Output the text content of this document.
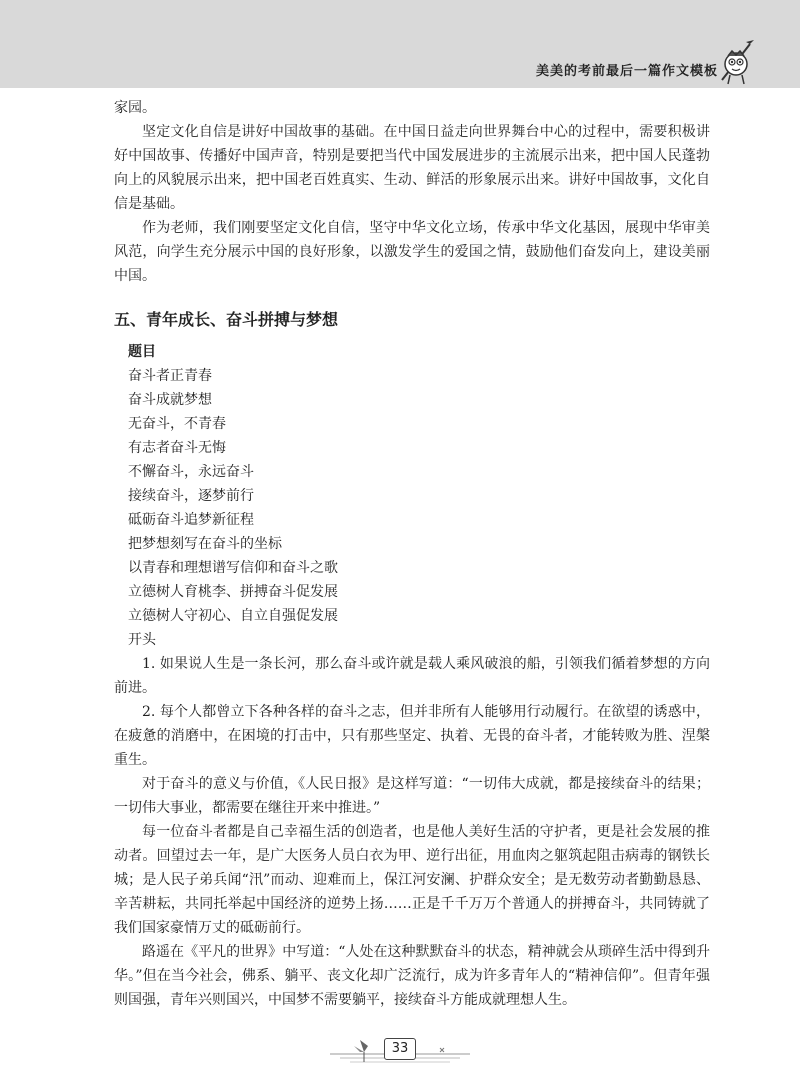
美美的考前最后一篇作文模板

家园。

坚定文化自信是讲好中国故事的基础。在中国日益走向世界舞台中心的过程中，需要积极讲好中国故事、传播好中国声音，特别是要把当代中国发展进步的主流展示出来，把中国人民蓬勃向上的风貌展示出来，把中国老百姓真实、生动、鲜活的形象展示出来。讲好中国故事，文化自信是基础。

作为老师，我们刚要坚定文化自信，坚守中华文化立场，传承中华文化基因，展现中华审美风范，向学生充分展示中国的良好形象，以激发学生的爱国之情，鼓励他们奋发向上，建设美丽中国。

五、青年成长、奋斗拼搏与梦想

题目

奋斗者正青春
奋斗成就梦想
无奋斗，不青春
有志者奋斗无悔
不懈奋斗，永远奋斗
接续奋斗，逐梦前行
砥砺奋斗追梦新征程
把梦想刻写在奋斗的坐标
以青春和理想谱写信仰和奋斗之歌
立德树人育桃李、拼搏奋斗促发展
立德树人守初心、自立自强促发展

开头

1. 如果说人生是一条长河，那么奋斗或许就是载人乘风破浪的船，引领我们循着梦想的方向前进。

2. 每个人都曾立下各种各样的奋斗之志，但并非所有人能够用行动履行。在欲望的诱惑中，在疲惫的消磨中，在困境的打击中，只有那些坚定、执着、无畏的奋斗者，才能转败为胜、涅槃重生。

对于奋斗的意义与价值，《人民日报》是这样写道：“一切伟大成就，都是接续奋斗的结果；一切伟大事业，都需要在继往开来中推进。”

每一位奋斗者都是自己幸福生活的创造者，也是他人美好生活的守护者，更是社会发展的推动者。回望过去一年，是广大医务人员白衣为甲、逆行出征，用血肉之躯筑起阻击病毒的钢铁长城；是人民子弟兵闻“汛”而动、迎难而上，保江河安澜、护群众安全；是无数劳动者勤勤恳恳、辛苦耕耘，共同托举起中国经济的逆势上扬……正是千千万万个普通人的拼搏奋斗，共同铸就了我们国家豪情万丈的砥砺前行。

路遥在《平凡的世界》中写道：“人处在这种默默奋斗的状态，精神就会从琐碎生活中得到升华。”但在当今社会，佛系、躺平、丧文化却广泛流行，成为许多青年人的“精神信仰”。但青年强则国强，青年兴则国兴，中国梦不需要躺平，接续奋斗方能成就理想人生。

33
